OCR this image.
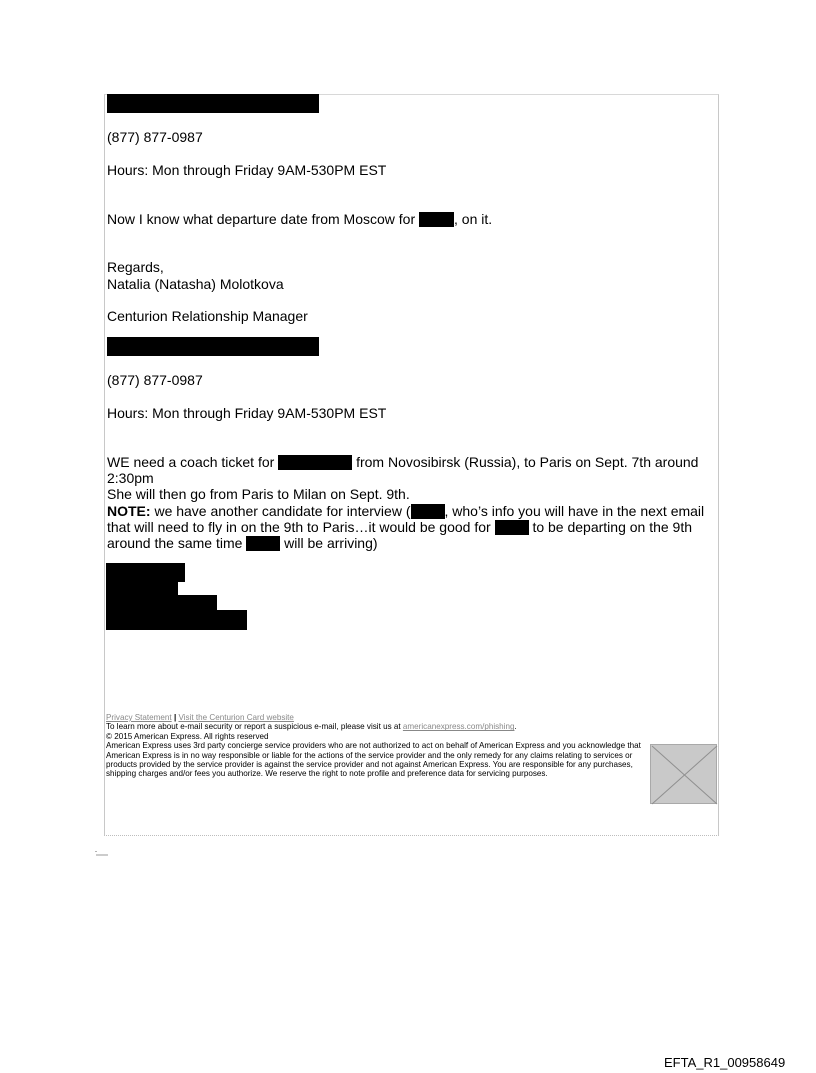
(877) 877-0987
Hours: Mon through Friday 9AM-530PM EST
Now I know what departure date from Moscow for	, on it.
Regards,
Natalia (Natasha) Molotkova
Centurion Relationship Manager
(877) 877-0987
Hours: Mon through Friday 9AM-530PM EST
WE need a coach ticket for	from Novosibirsk (Russia), to Paris on Sept. 7th around 2:30pm
She will then go from Paris to Milan on Sept. 9th.
NOTE: we have another candidate for interview ( , who’s info you will have in the next email that will need to fly in on the 9th to Paris…it would be good for  to be departing on the 9th around the same time  will be arriving)
Privacy Statement | Visit the Centurion Card website
To learn more about e-mail security or report a suspicious e-mail, please visit us at americanexpress.com/phishing.
© 2015 American Express. All rights reserved
American Express uses 3rd party concierge service providers who are not authorized to act on behalf of American Express and you acknowledge that American Express is in no way responsible or liable for the actions of the service provider and the only remedy for any claims relating to services or products provided by the service provider is against the service provider and not against American Express. You are responsible for any purchases, shipping charges and/or fees you authorize. We reserve the right to note profile and preference data for servicing purposes.
EFTA_R1_00958649
